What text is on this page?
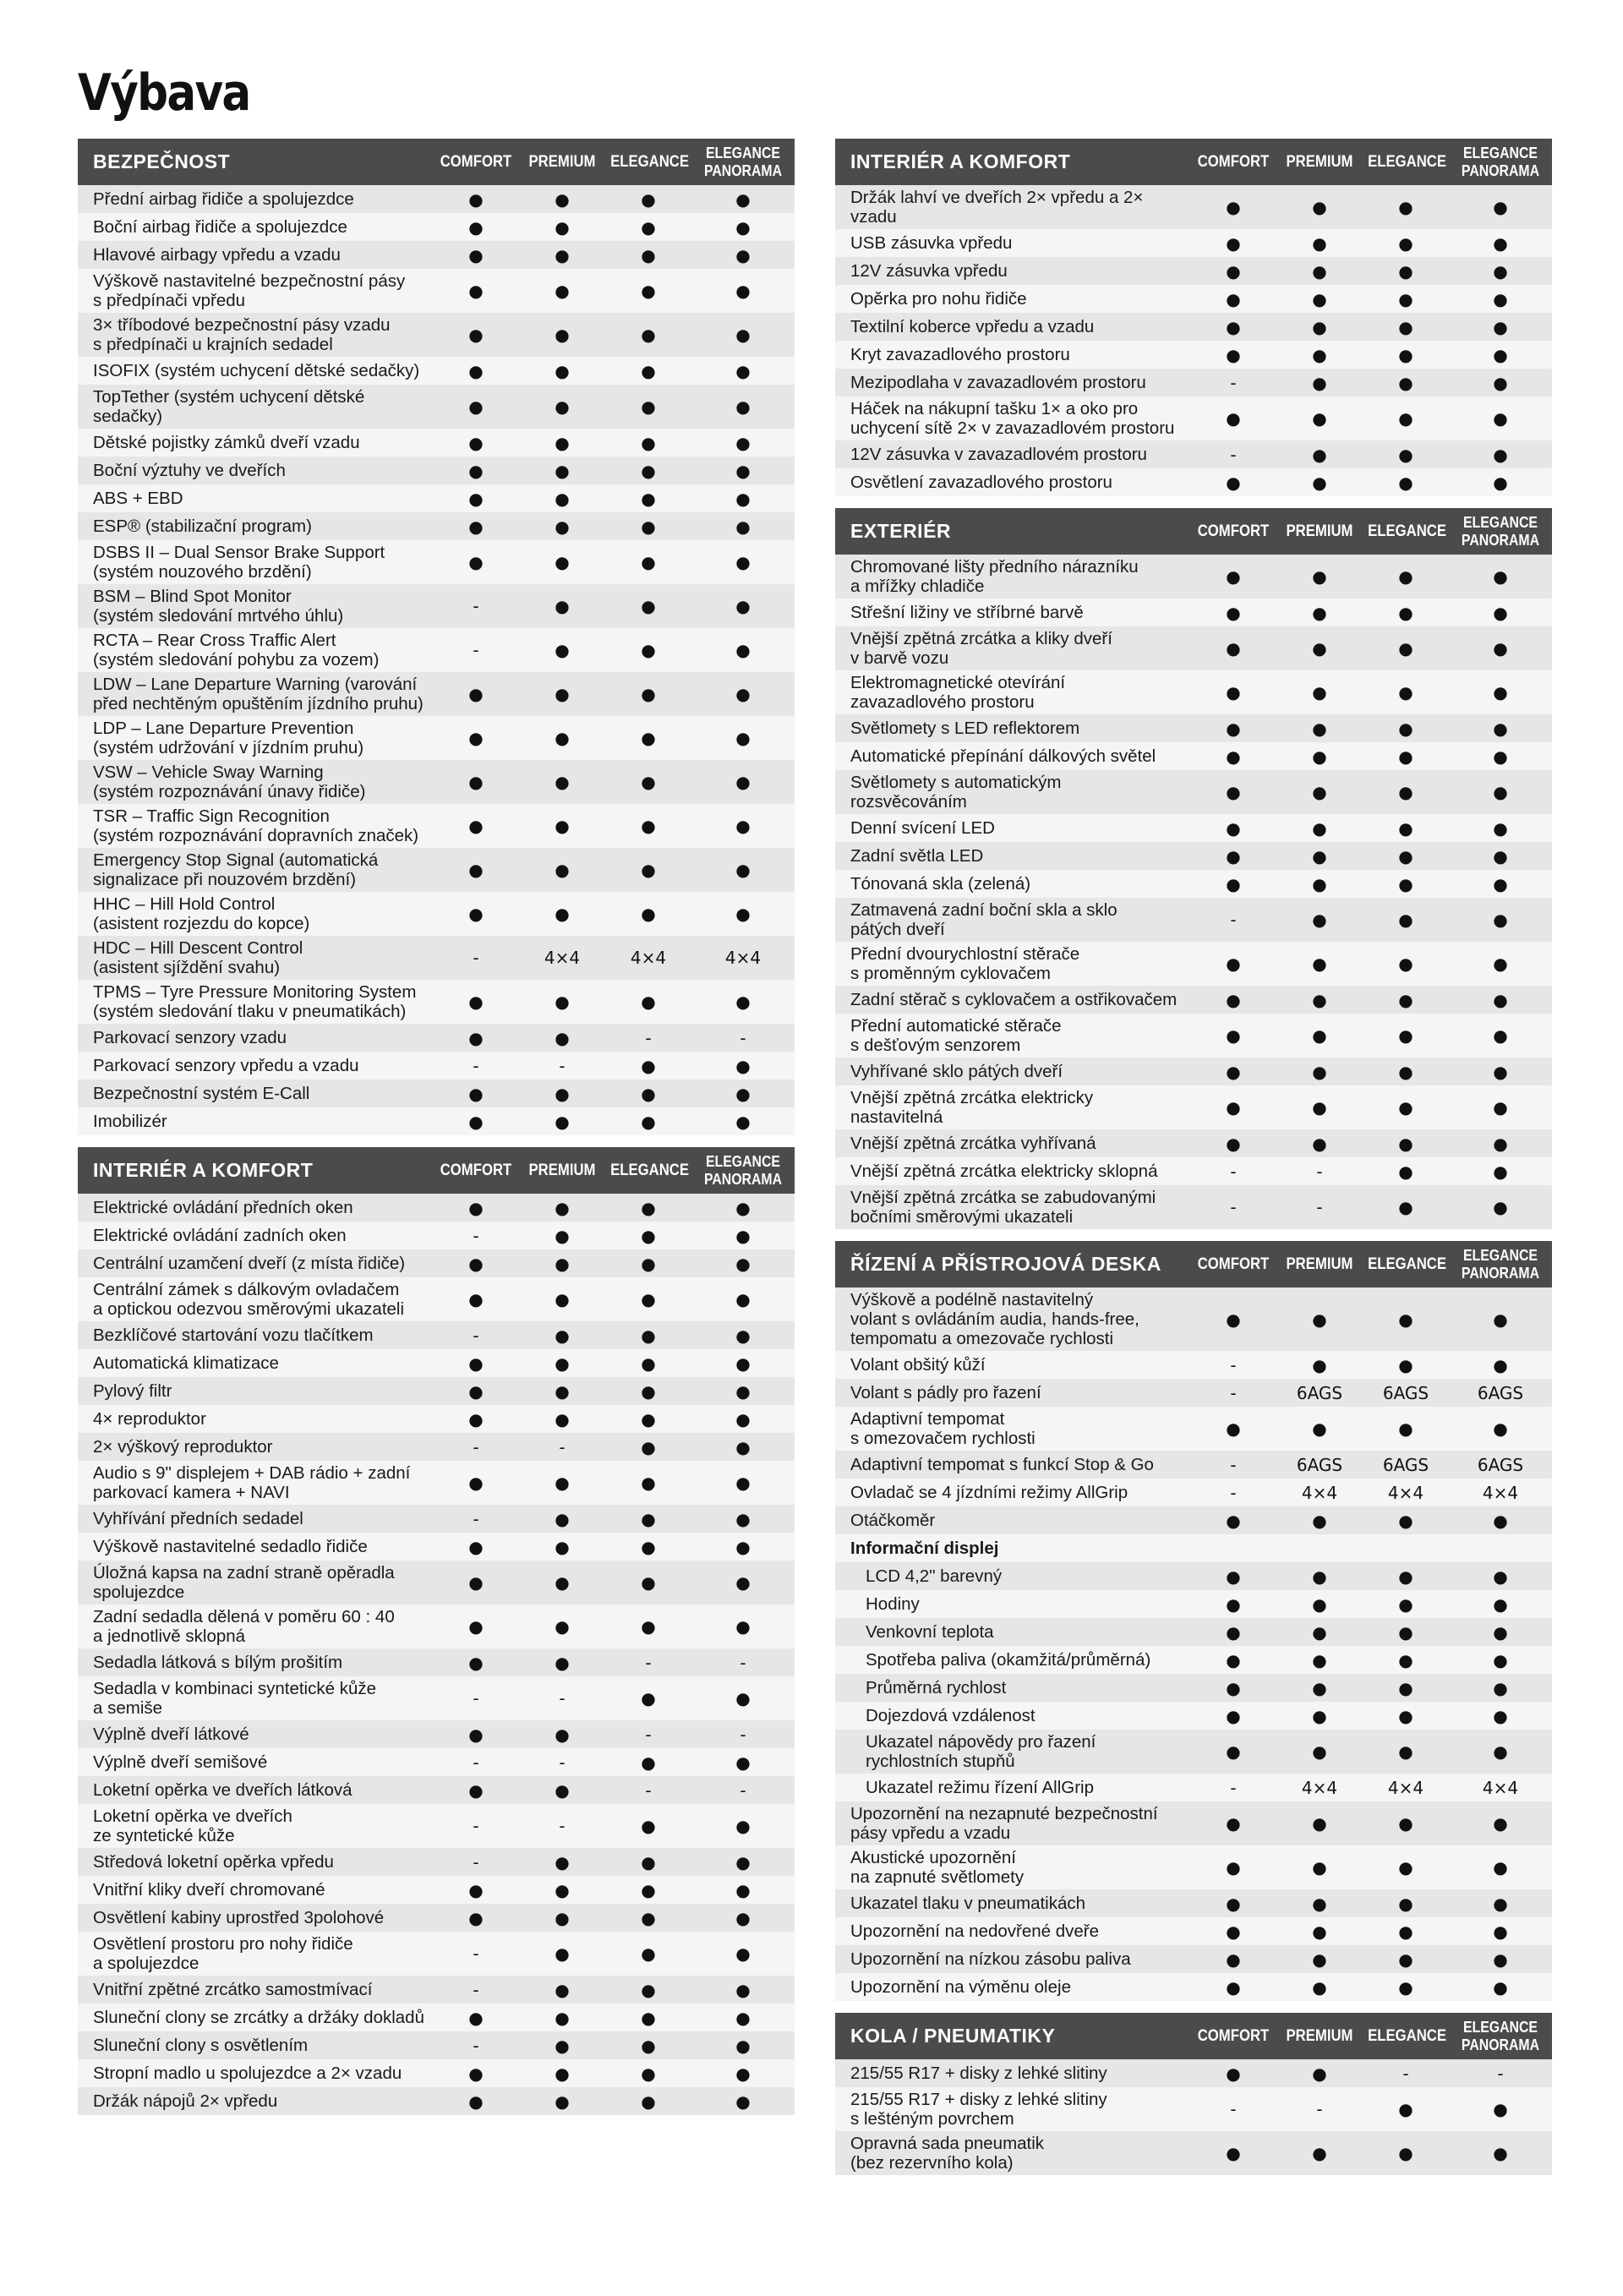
Výbava
BEZPEČNOST	COMFORT PREMIUM ELEGANCE	ELEGANCE
PANORAMA
Přední airbag řidiče a spolujezdce	●	●	●	●
Boční airbag řidiče a spolujezdce	●	●	●	●
Hlavové airbagy vpředu a vzadu	●	●	●	●
Výškově nastavitelné bezpečnostní pásy
s předpínači vpředu	●	●	●	●
3× tříbodové bezpečnostní pásy vzadu
s předpínači u krajních sedadel	●	●	●	●
ISOFIX (systém uchycení dětské sedačky)	●	●	●	●
TopTether (systém uchycení dětské sedačky)	●	●	●	●
Dětské pojistky zámků dveří vzadu	●	●	●	●
Boční výztuhy ve dveřích	●	●	●	●
ABS + EBD	●	●	●	●
ESP® (stabilizační program)	●	●	●	●
DSBS II – Dual Sensor Brake Support
(systém nouzového brzdění)	●	●	●	●
BSM – Blind Spot Monitor
(systém sledování mrtvého úhlu)	-	●	●	●
RCTA – Rear Cross Traffic Alert
(systém sledování pohybu za vozem)	-	●	●	●
LDW – Lane Departure Warning (varování
před nechtěným opuštěním jízdního pruhu)	●	●	●	●
LDP – Lane Departure Prevention
(systém udržování v jízdním pruhu)	●	●	●	●
VSW – Vehicle Sway Warning
(systém rozpoznávání únavy řidiče)	●	●	●	●
TSR – Traffic Sign Recognition
(systém rozpoznávání dopravních značek)	●	●	●	●
Emergency Stop Signal (automatická
signalizace při nouzovém brzdění)	●	●	●	●
HHC – Hill Hold Control
(asistent rozjezdu do kopce)	●	●	●	●
HDC – Hill Descent Control
(asistent sjíždění svahu)	-	4×4	4×4	4×4
TPMS – Tyre Pressure Monitoring System
(systém sledování tlaku v pneumatikách)	●	●	●	●
Parkovací senzory vzadu	●	●	-	-
Parkovací senzory vpředu a vzadu	-	-	●	●
Bezpečnostní systém E-Call	●	●	●	●
Imobilizér	●	●	●	●
INTERIÉR A KOMFORT	COMFORT PREMIUM ELEGANCE	ELEGANCE
PANORAMA
Elektrické ovládání předních oken	●	●	●	●
Elektrické ovládání zadních oken	-	●	●	●
Centrální uzamčení dveří (z místa řidiče)	●	●	●	●
Centrální zámek s dálkovým ovladačem
a optickou odezvou směrovými ukazateli	●	●	●	●
Bezklíčové startování vozu tlačítkem	-	●	●	●
Automatická klimatizace	●	●	●	●
Pylový filtr	●	●	●	●
4× reproduktor	●	●	●	●
2× výškový reproduktor	-	-	●	●
Audio s 9" displejem + DAB rádio + zadní
parkovací kamera + NAVI	●	●	●	●
Vyhřívání předních sedadel	-	●	●	●
Výškově nastavitelné sedadlo řidiče	●	●	●	●
Úložná kapsa na zadní straně opěradla
spolujezdce	●	●	●	●
Zadní sedadla dělená v poměru 60 : 40
a jednotlivě sklopná	●	●	●	●
Sedadla látková s bílým prošitím	●	●	-	-
Sedadla v kombinaci syntetické kůže
a semiše	-	-	●	●
Výplně dveří látkové	●	●	-	-
Výplně dveří semišové	-	-	●	●
Loketní opěrka ve dveřích látková	●	●	-	-
Loketní opěrka ve dveřích
ze syntetické kůže	-	-	●	●
Středová loketní opěrka vpředu	-	●	●	●
Vnitřní kliky dveří chromované	●	●	●	●
Osvětlení kabiny uprostřed 3polohové	●	●	●	●
Osvětlení prostoru pro nohy řidiče
a spolujezdce	-	●	●	●
Vnitřní zpětné zrcátko samostmívací	-	●	●	●
Sluneční clony se zrcátky a držáky dokladů	●	●	●	●
Sluneční clony s osvětlením	-	●	●	●
Stropní madlo u spolujezdce a 2× vzadu	●	●	●	●
Držák nápojů 2× vpředu	●	●	●	●
INTERIÉR A KOMFORT	COMFORT PREMIUM ELEGANCE	ELEGANCE
PANORAMA
Držák lahví ve dveřích 2× vpředu a 2× vzadu	●	●	●	●
USB zásuvka vpředu	●	●	●	●
12V zásuvka vpředu	●	●	●	●
Opěrka pro nohu řidiče	●	●	●	●
Textilní koberce vpředu a vzadu	●	●	●	●
Kryt zavazadlového prostoru	●	●	●	●
Mezipodlaha v zavazadlovém prostoru	-	●	●	●
Háček na nákupní tašku 1× a oko pro
uchycení sítě 2× v zavazadlovém prostoru	●	●	●	●
12V zásuvka v zavazadlovém prostoru	-	●	●	●
Osvětlení zavazadlového prostoru	●	●	●	●
EXTERIÉR	COMFORT PREMIUM ELEGANCE	ELEGANCE
PANORAMA
Chromované lišty předního nárazníku
a mřížky chladiče	●	●	●	●
Střešní ližiny ve stříbrné barvě	●	●	●	●
Vnější zpětná zrcátka a kliky dveří
v barvě vozu	●	●	●	●
Elektromagnetické otevírání
zavazadlového prostoru	●	●	●	●
Světlomety s LED reflektorem	●	●	●	●
Automatické přepínání dálkových světel	●	●	●	●
Světlomety s automatickým rozsvěcováním	●	●	●	●
Denní svícení LED	●	●	●	●
Zadní světla LED	●	●	●	●
Tónovaná skla (zelená)	●	●	●	●
Zatmavená zadní boční skla a sklo
pátých dveří	-	●	●	●
Přední dvourychlostní stěrače
s proměnným cyklovačem	●	●	●	●
Zadní stěrač s cyklovačem a ostřikovačem	●	●	●	●
Přední automatické stěrače
s dešťovým senzorem	●	●	●	●
Vyhřívané sklo pátých dveří	●	●	●	●
Vnější zpětná zrcátka elektricky nastavitelná	●	●	●	●
Vnější zpětná zrcátka vyhřívaná	●	●	●	●
Vnější zpětná zrcátka elektricky sklopná	-	-	●	●
Vnější zpětná zrcátka se zabudovanými
bočními směrovými ukazateli	-	-	●	●
ŘÍZENÍ A PŘÍSTROJOVÁ DESKA	COMFORT PREMIUM ELEGANCE	ELEGANCE
PANORAMA
Výškově a podélně nastavitelný
volant s ovládáním audia, hands-free,
tempomatu a omezovače rychlosti
●	●	●	●
Volant obšitý kůží	-	●	●	●
Volant s pádly pro řazení	-	6AGS	6AGS	6AGS
Adaptivní tempomat
s omezovačem rychlosti	●	●	●	●
Adaptivní tempomat s funkcí Stop & Go	-	6AGS	6AGS	6AGS
Ovladač se 4 jízdními režimy AllGrip	-	4×4	4×4	4×4
Otáčkoměr	●	●	●	●
Informační displej
LCD 4,2" barevný	●	●	●	●
Hodiny	●	●	●	●
Venkovní teplota	●	●	●	●
Spotřeba paliva (okamžitá/průměrná)	●	●	●	●
Průměrná rychlost	●	●	●	●
Dojezdová vzdálenost	●	●	●	●
Ukazatel nápovědy pro řazení
rychlostních stupňů	●	●	●	●
Ukazatel režimu řízení AllGrip	-	4×4	4×4	4×4
Upozornění na nezapnuté bezpečnostní
pásy vpředu a vzadu	●	●	●	●
Akustické upozornění
na zapnuté světlomety	●	●	●	●
Ukazatel tlaku v pneumatikách	●	●	●	●
Upozornění na nedovřené dveře	●	●	●	●
Upozornění na nízkou zásobu paliva	●	●	●	●
Upozornění na výměnu oleje	●	●	●	●
KOLA / PNEUMATIKY	COMFORT PREMIUM ELEGANCE	ELEGANCE
PANORAMA
215/55 R17 + disky z lehké slitiny	●	●	-	-
215/55 R17 + disky z lehké slitiny
s lešténým povrchem	-	-	●	●
Opravná sada pneumatik
(bez rezervního kola)	●	●	●	●
